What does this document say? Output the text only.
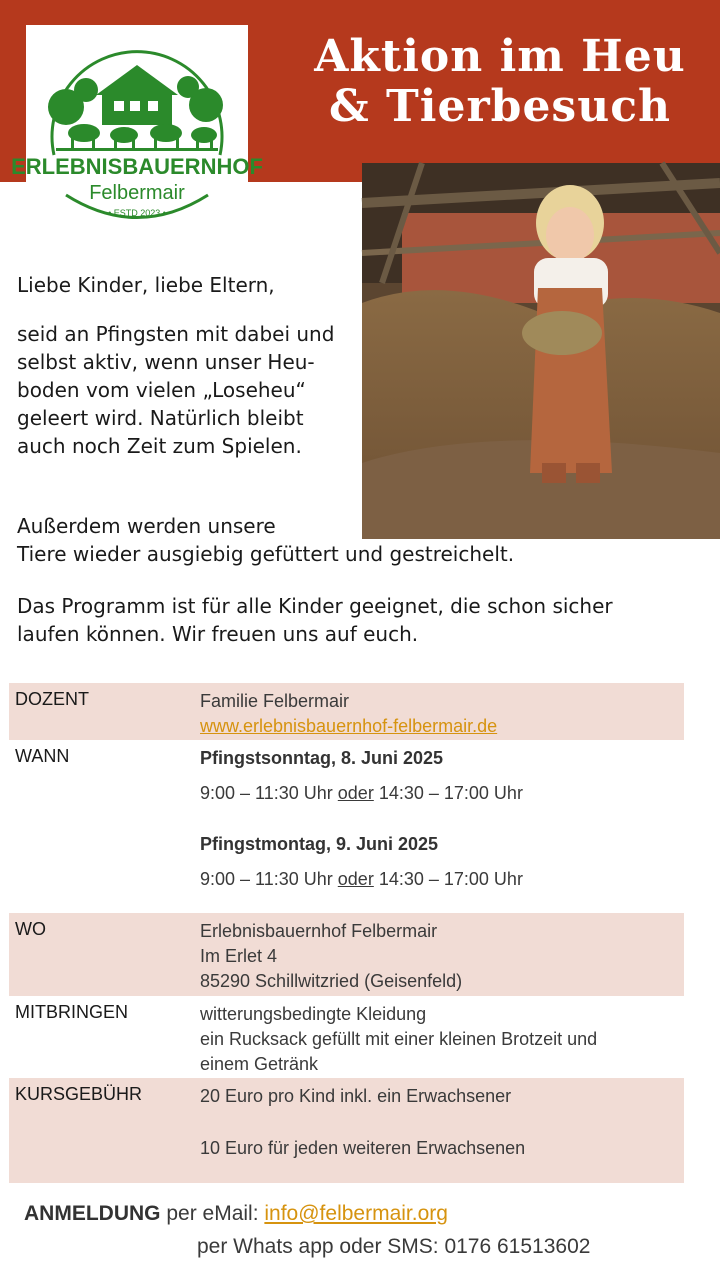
ERLEBNISBAUERNHOF
Felbermair
• ESTD 2023 •
Aktion im Heu
& Tierbesuch

Liebe Kinder, liebe Eltern,

seid an Pfingsten mit dabei und

selbst aktiv, wenn unser Heu-

boden vom vielen „Loseheu“

geleert wird. Natürlich bleibt

auch noch Zeit zum Spielen.

Außerdem werden unsere

Tiere wieder ausgiebig gefüttert und gestreichelt.

Das Programm ist für alle Kinder geeignet, die schon sicher

laufen können. Wir freuen uns auf euch.

DOZENT	Familie Felbermair
www.erlebnisbauernhof-felbermair.de
WANN	Pfingstsonntag, 8. Juni 2025
9:00 – 11:30 Uhr oder 14:30 – 17:00 Uhr
Pfingstmontag, 9. Juni 2025
9:00 – 11:30 Uhr oder 14:30 – 17:00 Uhr
WO	Erlebnisbauernhof Felbermair
Im Erlet 4
85290 Schillwitzried (Geisenfeld)
MITBRINGEN	witterungsbedingte Kleidung
ein Rucksack gefüllt mit einer kleinen Brotzeit und
einem Getränk
KURSGEBÜHR	20 Euro pro Kind inkl. ein Erwachsener
10 Euro für jeden weiteren Erwachsenen
ANMELDUNG per eMail: info@felbermair.org
per Whats app oder SMS: 0176 61513602
